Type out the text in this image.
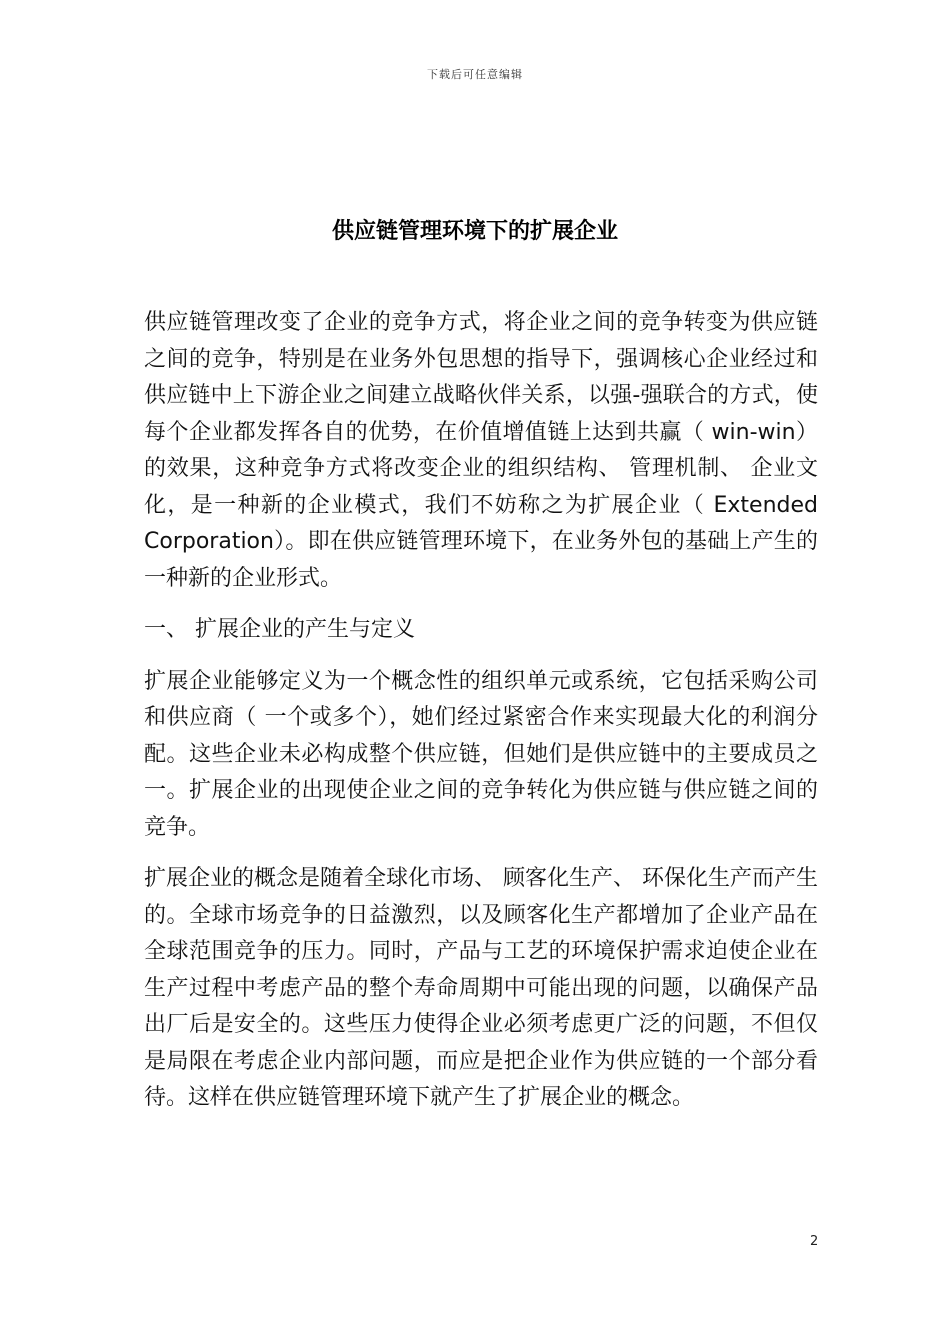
下载后可任意编辑
供应链管理环境下的扩展企业

供应链管理改变了企业的竞争方式，将企业之间的竞争转变为供应链之间的竞争，特别是在业务外包思想的指导下，强调核心企业经过和供应链中上下游企业之间建立战略伙伴关系，以强-强联合的方式，使每个企业都发挥各自的优势，在价值增值链上达到共赢（ win-win）的效果，这种竞争方式将改变企业的组织结构、 管理机制、 企业文化，是一种新的企业模式，我们不妨称之为扩展企业（ Extended Corporation）。即在供应链管理环境下，在业务外包的基础上产生的一种新的企业形式。

一、 扩展企业的产生与定义

扩展企业能够定义为一个概念性的组织单元或系统，它包括采购公司和供应商（ 一个或多个），她们经过紧密合作来实现最大化的利润分配。这些企业未必构成整个供应链，但她们是供应链中的主要成员之一。扩展企业的出现使企业之间的竞争转化为供应链与供应链之间的竞争。

扩展企业的概念是随着全球化市场、 顾客化生产、 环保化生产而产生的。全球市场竞争的日益激烈，以及顾客化生产都增加了企业产品在全球范围竞争的压力。同时，产品与工艺的环境保护需求迫使企业在生产过程中考虑产品的整个寿命周期中可能出现的问题，以确保产品出厂后是安全的。这些压力使得企业必须考虑更广泛的问题，不但仅是局限在考虑企业内部问题，而应是把企业作为供应链的一个部分看待。这样在供应链管理环境下就产生了扩展企业的概念。

2
